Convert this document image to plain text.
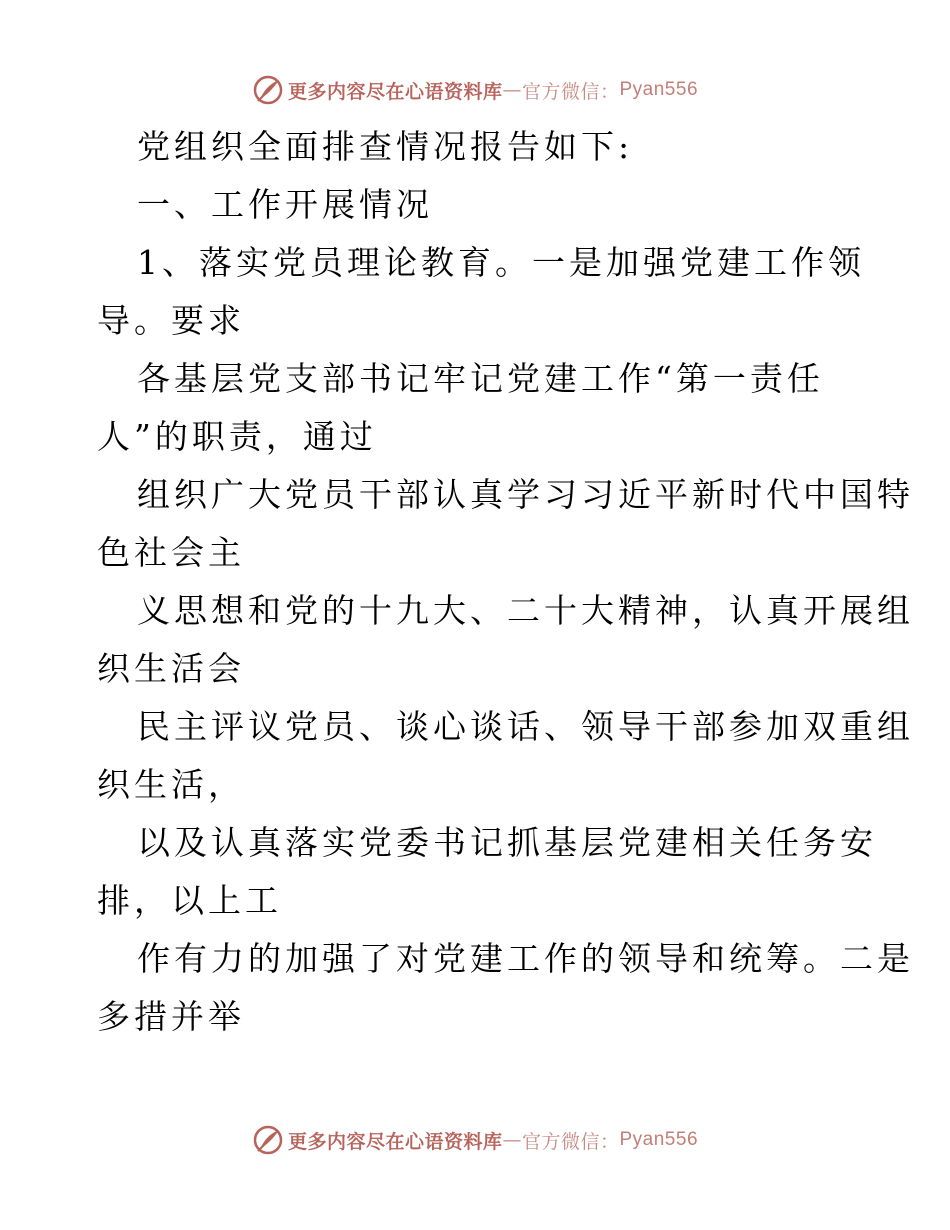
更多内容尽在心语资料库 — 官方微信： Pyan556
党组织全面排查情况报告如下:
一、工作开展情况
1、落实党员理论教育。一是加强党建工作领
导。要求
各基层党支部书记牢记党建工作“第一责任
人”的职责，通过
组织广大党员干部认真学习习近平新时代中国特
色社会主
义思想和党的十九大、二十大精神，认真开展组
织生活会
民主评议党员、谈心谈话、领导干部参加双重组
织生活，
以及认真落实党委书记抓基层党建相关任务安
排，以上工
作有力的加强了对党建工作的领导和统筹。二是
多措并举
更多内容尽在心语资料库 — 官方微信： Pyan556
